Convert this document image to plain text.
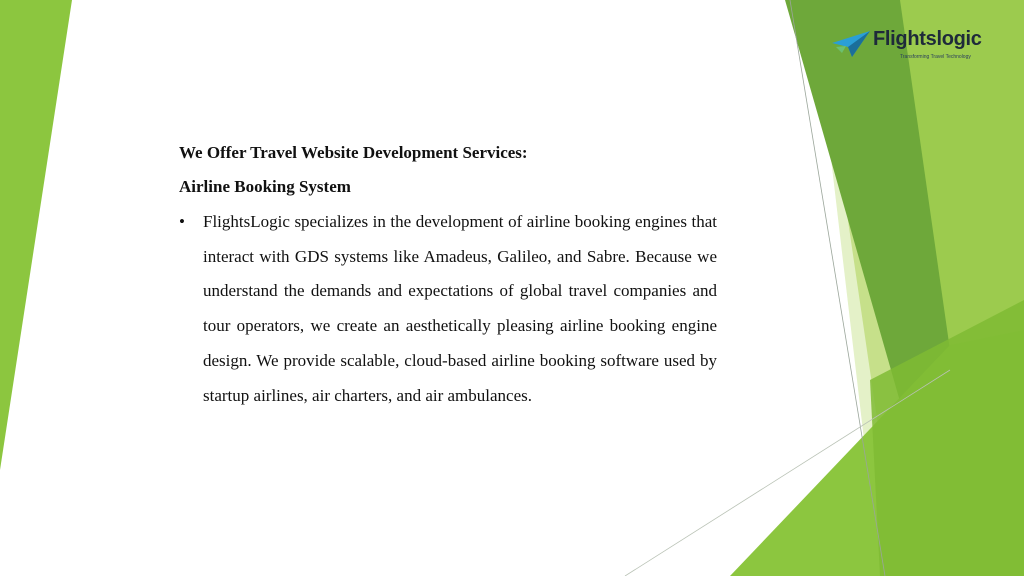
Flightslogic
Transforming Travel Technology

We Offer Travel Website Development Services:

Airline Booking System

• FlightsLogic specializes in the development of airline booking engines that interact with GDS systems like Amadeus, Galileo, and Sabre. Because we understand the demands and expectations of global travel companies and tour operators, we create an aesthetically pleasing airline booking engine design. We provide scalable, cloud-based airline booking software used by startup airlines, air charters, and air ambulances.
